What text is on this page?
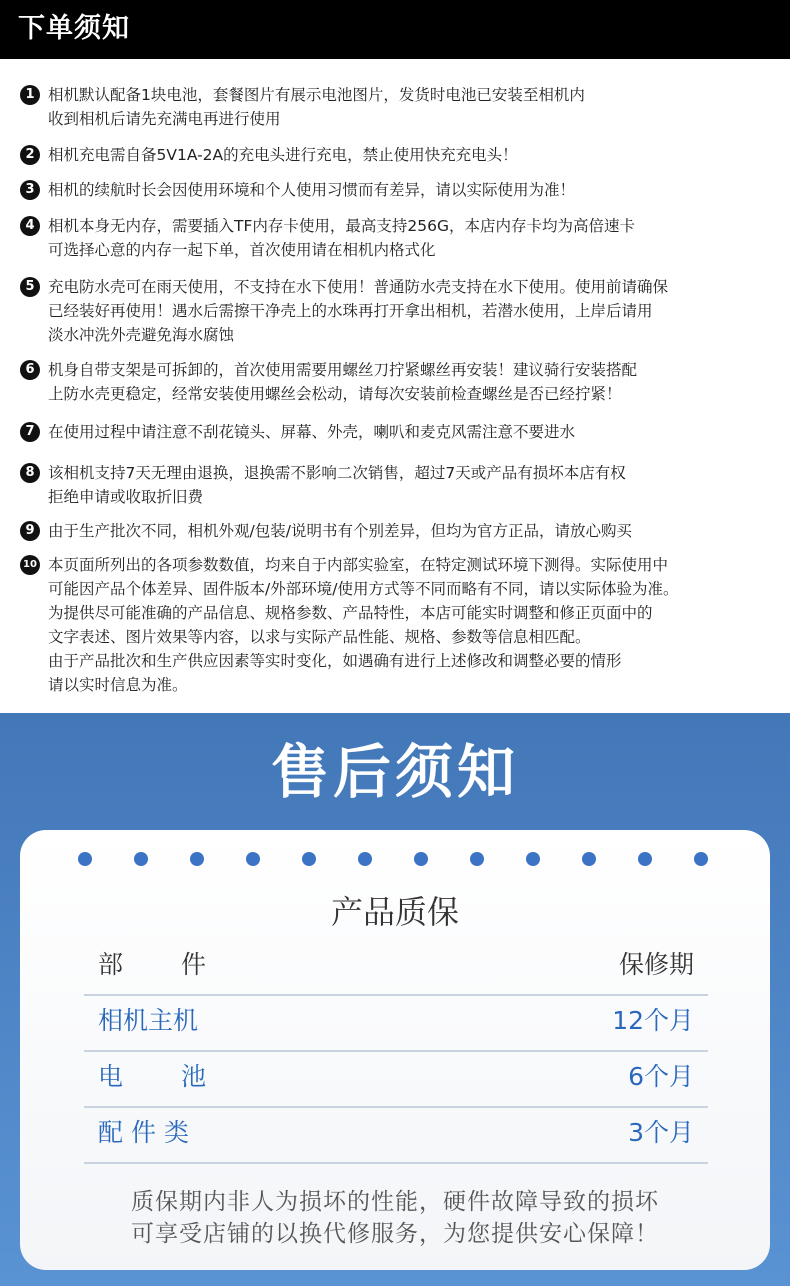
下单须知
1 相机默认配备1块电池，套餐图片有展示电池图片，发货时电池已安装至相机内
收到相机后请先充满电再进行使用
2 相机充电需自备5V1A-2A的充电头进行充电，禁止使用快充充电头！
3 相机的续航时长会因使用环境和个人使用习惯而有差异，请以实际使用为准！
4 相机本身无内存，需要插入TF内存卡使用，最高支持256G，本店内存卡均为高倍速卡
可选择心意的内存一起下单，首次使用请在相机内格式化
5 充电防水壳可在雨天使用，不支持在水下使用！普通防水壳支持在水下使用。使用前请确保
已经装好再使用！遇水后需擦干净壳上的水珠再打开拿出相机，若潜水使用，上岸后请用
淡水冲洗外壳避免海水腐蚀
6 机身自带支架是可拆卸的，首次使用需要用螺丝刀拧紧螺丝再安装！建议骑行安装搭配
上防水壳更稳定，经常安装使用螺丝会松动，请每次安装前检查螺丝是否已经拧紧！
7 在使用过程中请注意不刮花镜头、屏幕、外壳，喇叭和麦克风需注意不要进水
8 该相机支持7天无理由退换，退换需不影响二次销售，超过7天或产品有损坏本店有权
拒绝申请或收取折旧费
9 由于生产批次不同，相机外观/包装/说明书有个别差异，但均为官方正品，请放心购买
10 本页面所列出的各项参数数值，均来自于内部实验室，在特定测试环境下测得。实际使用中
可能因产品个体差异、固件版本/外部环境/使用方式等不同而略有不同，请以实际体验为准。
为提供尽可能准确的产品信息、规格参数、产品特性，本店可能实时调整和修正页面中的
文字表述、图片效果等内容，以求与实际产品性能、规格、参数等信息相匹配。
由于产品批次和生产供应因素等实时变化，如遇确有进行上述修改和调整必要的情形
请以实时信息为准。
售后须知
产品质保
部件	保修期
相机主机	12个月
电池	6个月
配件类	3个月
质保期内非人为损坏的性能，硬件故障导致的损坏
可享受店铺的以换代修服务，为您提供安心保障！
